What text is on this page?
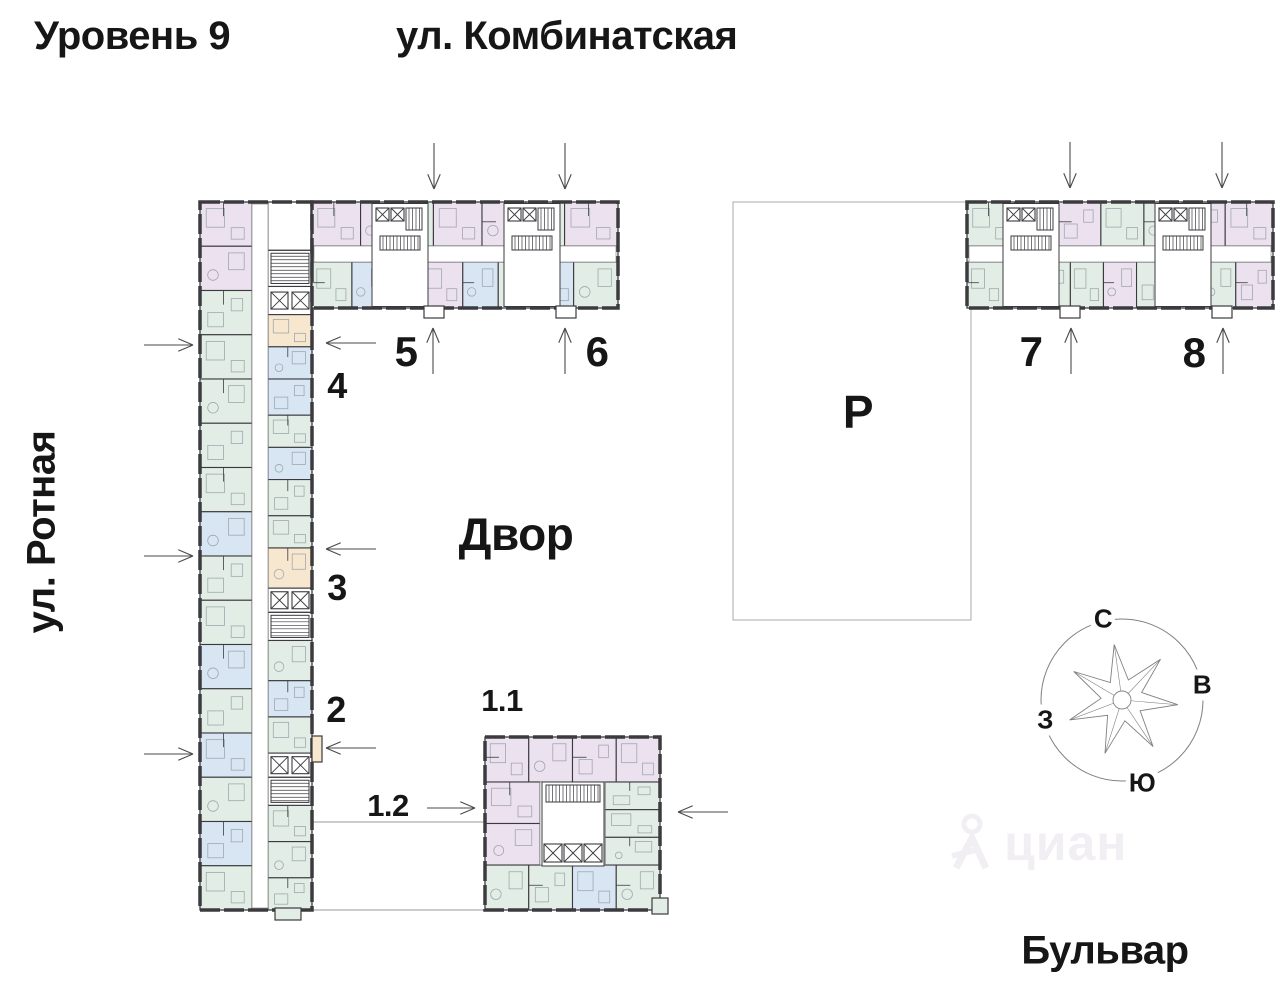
Уровень 9	ул. Комбинатская
ул. Ротная	Двор
Р
Бульвар
5	6	7	8
4
3
2	1.1
1.2
С
В
З
Ю
циан
